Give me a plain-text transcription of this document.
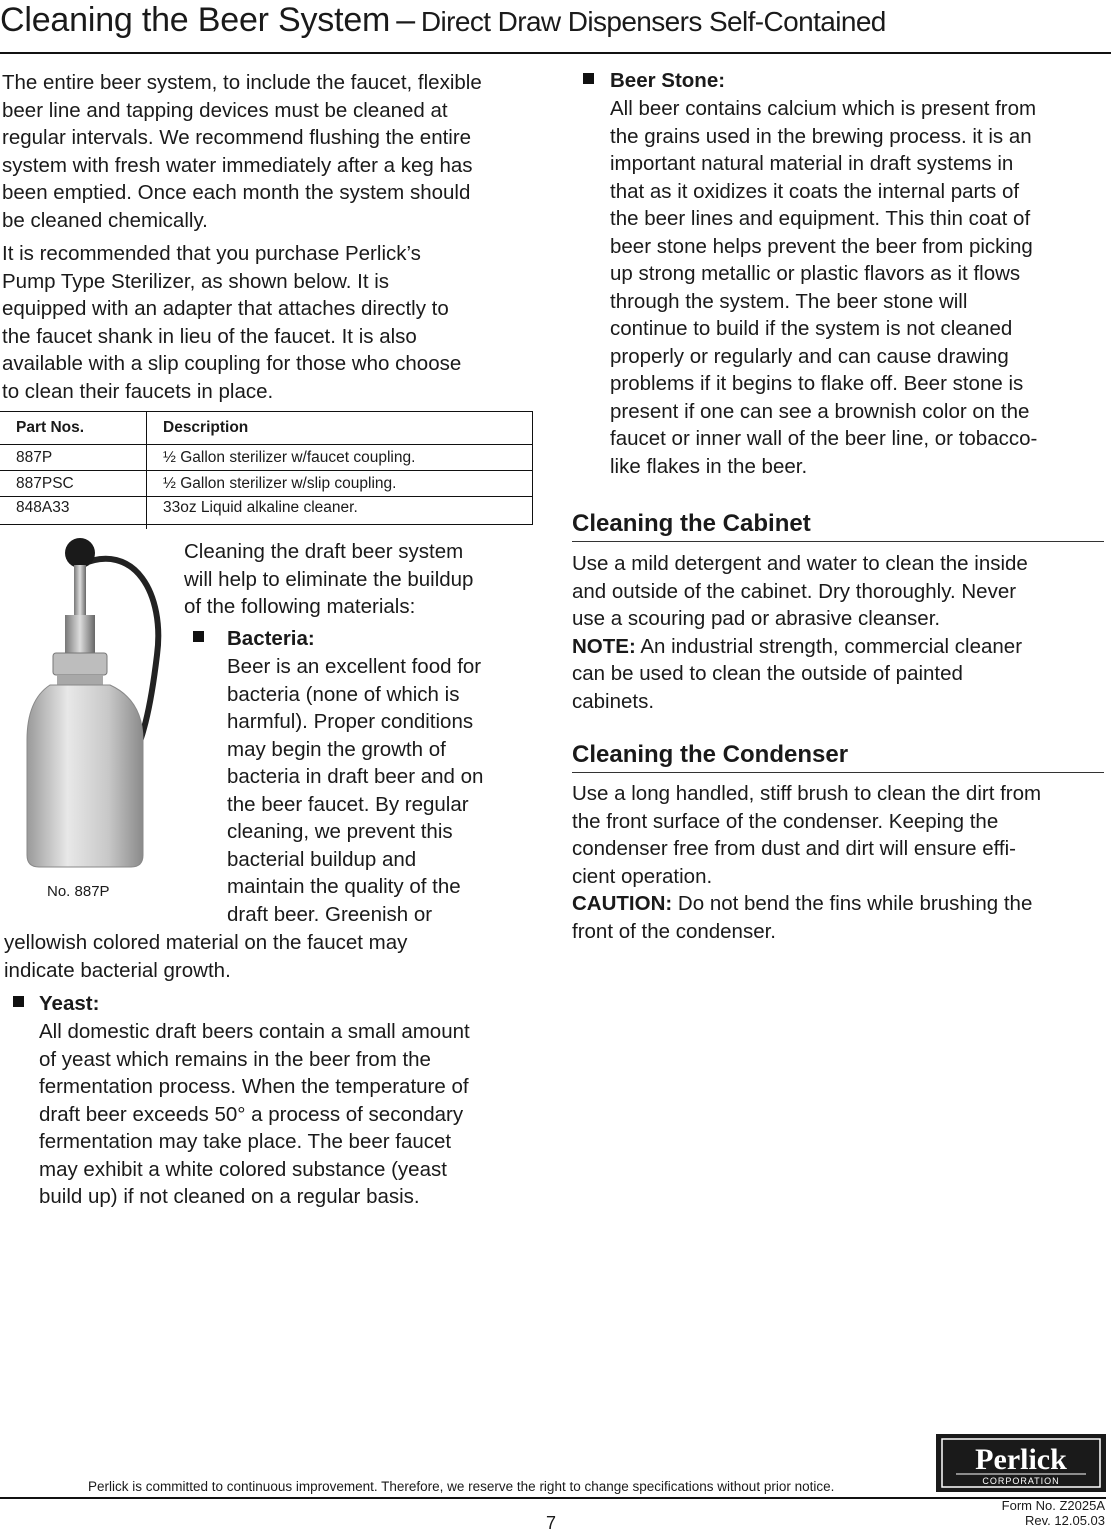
Cleaning the Beer System – Direct Draw Dispensers Self-Contained
The entire beer system, to include the faucet, flexible
beer line and tapping devices must be cleaned at
regular intervals. We recommend flushing the entire
system with fresh water immediately after a keg has
been emptied. Once each month the system should
be cleaned chemically.
It is recommended that you purchase Perlick’s
Pump Type Sterilizer, as shown below. It is
equipped with an adapter that attaches directly to
the faucet shank in lieu of the faucet. It is also
available with a slip coupling for those who choose
to clean their faucets in place.
Part Nos.	Description
887P	½ Gallon sterilizer w/faucet coupling.
887PSC	½ Gallon sterilizer w/slip coupling.
848A33	33oz Liquid alkaline cleaner.
No. 887P
Cleaning the draft beer system
will help to eliminate the buildup
of the following materials:
Bacteria:
Beer is an excellent food for
bacteria (none of which is
harmful). Proper conditions
may begin the growth of
bacteria in draft beer and on
the beer faucet. By regular
cleaning, we prevent this
bacterial buildup and
maintain the quality of the
draft beer. Greenish or
yellowish colored material on the faucet may
indicate bacterial growth.
Yeast:
All domestic draft beers contain a small amount
of yeast which remains in the beer from the
fermentation process. When the temperature of
draft beer exceeds 50° a process of secondary
fermentation may take place. The beer faucet
may exhibit a white colored substance (yeast
build up) if not cleaned on a regular basis.
Beer Stone:
All beer contains calcium which is present from
the grains used in the brewing process. it is an
important natural material in draft systems in
that as it oxidizes it coats the internal parts of
the beer lines and equipment. This thin coat of
beer stone helps prevent the beer from picking
up strong metallic or plastic flavors as it flows
through the system. The beer stone will
continue to build if the system is not cleaned
properly or regularly and can cause drawing
problems if it begins to flake off. Beer stone is
present if one can see a brownish color on the
faucet or inner wall of the beer line, or tobacco-
like flakes in the beer.
Cleaning the Cabinet
Use a mild detergent and water to clean the inside
and outside of the cabinet. Dry thoroughly. Never
use a scouring pad or abrasive cleanser.
NOTE: An industrial strength, commercial cleaner
can be used to clean the outside of painted
cabinets.
Cleaning the Condenser
Use a long handled, stiff brush to clean the dirt from
the front surface of the condenser. Keeping the
condenser free from dust and dirt will ensure effi-
cient operation.
CAUTION: Do not bend the fins while brushing the
front of the condenser.
Perlick
CORPORATION
Perlick is committed to continuous improvement. Therefore, we reserve the right to change specifications without prior notice.
7
Form No. Z2025A
Rev. 12.05.03
